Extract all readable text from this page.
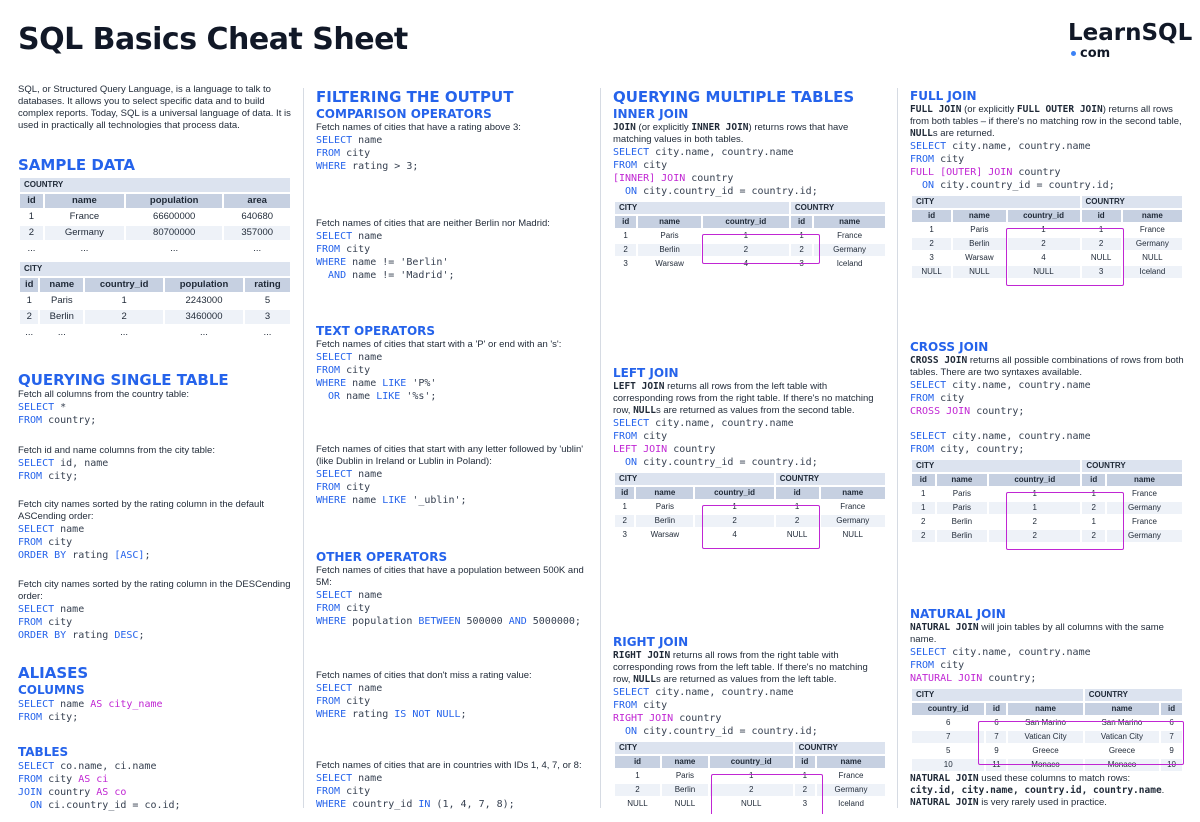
SQL Basics Cheat Sheet	LearnSQL
com
SQL, or Structured Query Language, is a language to talk to databases. It allows you to select specific data and to build complex reports. Today, SQL is a universal language of data. It is used in practically all technologies that process data.
SAMPLE DATA
COUNTRY			
id	name	population	area
1	France	66600000	640680
2	Germany	80700000	357000
...	...	...	...
CITY				
id	name	country_id	population	rating
1	Paris	1	2243000	5
2	Berlin	2	3460000	3
...	...	...	...	...
QUERYING SINGLE TABLE
Fetch all columns from the country table:
SELECT *
FROM country;
Fetch id and name columns from the city table:
SELECT id, name
FROM city;
Fetch city names sorted by the rating column in the default ASCending order:
SELECT name
FROM city
ORDER BY rating [ASC];
Fetch city names sorted by the rating column in the DESCending order:
SELECT name
FROM city
ORDER BY rating DESC;
ALIASES
COLUMNS
SELECT name AS city_name
FROM city;
TABLES
SELECT co.name, ci.name
FROM city AS ci
JOIN country AS co
ON ci.country_id = co.id;
FILTERING THE OUTPUT
COMPARISON OPERATORS
Fetch names of cities that have a rating above 3:
SELECT name
FROM city
WHERE rating > 3;
Fetch names of cities that are neither Berlin nor Madrid:
SELECT name
FROM city
WHERE name != 'Berlin'
AND name != 'Madrid';
TEXT OPERATORS
Fetch names of cities that start with a 'P' or end with an 's':
SELECT name
FROM city
WHERE name LIKE 'P%'
OR name LIKE '%s';
Fetch names of cities that start with any letter followed by 'ublin' (like Dublin in Ireland or Lublin in Poland):
SELECT name
FROM city
WHERE name LIKE '_ublin';
OTHER OPERATORS
Fetch names of cities that have a population between 500K and 5M:
SELECT name
FROM city
WHERE population BETWEEN 500000 AND 5000000;
Fetch names of cities that don't miss a rating value:
SELECT name
FROM city
WHERE rating IS NOT NULL;
Fetch names of cities that are in countries with IDs 1, 4, 7, or 8:
SELECT name
FROM city
WHERE country_id IN (1, 4, 7, 8);
QUERYING MULTIPLE TABLES
INNER JOIN
JOIN (or explicitly INNER JOIN) returns rows that have matching values in both tables.
SELECT city.name, country.name
FROM city
[INNER] JOIN country
ON city.country_id = country.id;
CITY			COUNTRY	
id	name	country_id	id	name
1	Paris	1	1	France
2	Berlin	2	2	Germany
3	Warsaw	4	3	Iceland
LEFT JOIN
LEFT JOIN returns all rows from the left table with corresponding rows from the right table. If there's no matching row, NULLs are returned as values from the second table.
SELECT city.name, country.name
FROM city
LEFT JOIN country
ON city.country_id = country.id;
CITY			COUNTRY	
id	name	country_id	id	name
1	Paris	1	1	France
2	Berlin	2	2	Germany
3	Warsaw	4	NULL	NULL
RIGHT JOIN
RIGHT JOIN returns all rows from the right table with corresponding rows from the left table. If there's no matching row, NULLs are returned as values from the left table.
SELECT city.name, country.name
FROM city
RIGHT JOIN country
ON city.country_id = country.id;
CITY			COUNTRY	
id	name	country_id	id	name
1	Paris	1	1	France
2	Berlin	2	2	Germany
NULL	NULL	NULL	3	Iceland
FULL JOIN
FULL JOIN (or explicitly FULL OUTER JOIN) returns all rows from both tables – if there's no matching row in the second table, NULLs are returned.
SELECT city.name, country.name
FROM city
FULL [OUTER] JOIN country
ON city.country_id = country.id;
CITY			COUNTRY	
id	name	country_id	id	name
1	Paris	1	1	France
2	Berlin	2	2	Germany
3	Warsaw	4	NULL	NULL
NULL	NULL	NULL	3	Iceland
CROSS JOIN
CROSS JOIN returns all possible combinations of rows from both tables. There are two syntaxes available.
SELECT city.name, country.name
FROM city
CROSS JOIN country;
SELECT city.name, country.name
FROM city, country;
CITY			COUNTRY	
id	name	country_id	id	name
1	Paris	1	1	France
1	Paris	1	2	Germany
2	Berlin	2	1	France
2	Berlin	2	2	Germany
NATURAL JOIN
NATURAL JOIN will join tables by all columns with the same name.
SELECT city.name, country.name
FROM city
NATURAL JOIN country;
CITY			COUNTRY	
country_id	id	name	name	id
6	6	San Marino	San Marino	6
7	7	Vatican City	Vatican City	7
5	9	Greece	Greece	9
10	11	Monaco	Monaco	10
NATURAL JOIN used these columns to match rows:
city.id, city.name, country.id, country.name.
NATURAL JOIN is very rarely used in practice.
